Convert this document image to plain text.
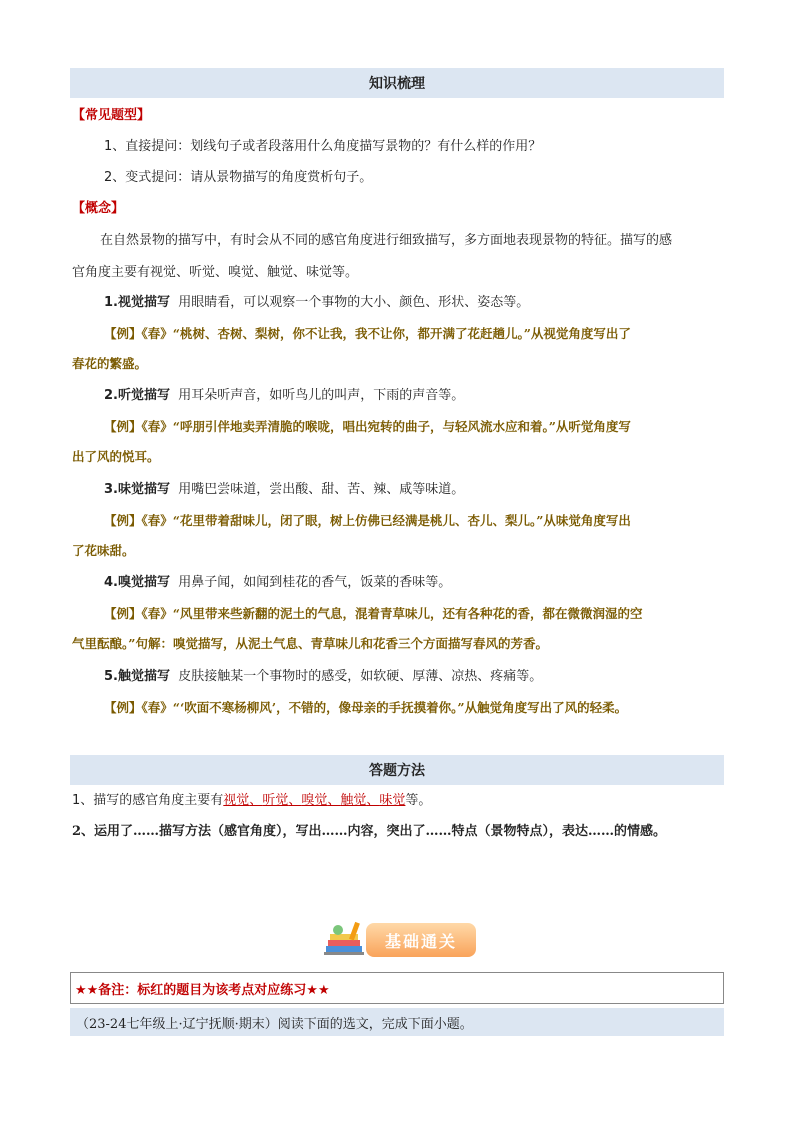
知识梳理
【常见题型】
1、直接提问：划线句子或者段落用什么角度描写景物的？有什么样的作用？
2、变式提问：请从景物描写的角度赏析句子。
【概念】
在自然景物的描写中，有时会从不同的感官角度进行细致描写，多方面地表现景物的特征。描写的感
官角度主要有视觉、听觉、嗅觉、触觉、味觉等。
1.视觉描写 用眼睛看，可以观察一个事物的大小、颜色、形状、姿态等。
【例】《春》“桃树、杏树、梨树，你不让我，我不让你，都开满了花赶趟儿。”从视觉角度写出了
春花的繁盛。
2.听觉描写 用耳朵听声音，如听鸟儿的叫声，下雨的声音等。
【例】《春》“呼朋引伴地卖弄清脆的喉咙，唱出宛转的曲子，与轻风流水应和着。”从听觉角度写
出了风的悦耳。
3.味觉描写 用嘴巴尝味道，尝出酸、甜、苦、辣、咸等味道。
【例】《春》“花里带着甜味儿，闭了眼，树上仿佛已经满是桃儿、杏儿、梨儿。”从味觉角度写出
了花味甜。
4.嗅觉描写 用鼻子闻，如闻到桂花的香气，饭菜的香味等。
【例】《春》“风里带来些新翻的泥土的气息，混着青草味儿，还有各种花的香，都在微微润湿的空
气里酝酿。”句解：嗅觉描写，从泥土气息、青草味儿和花香三个方面描写春风的芳香。
5.触觉描写 皮肤接触某一个事物时的感受，如软硬、厚薄、凉热、疼痛等。
【例】《春》“‘吹面不寒杨柳风’，不错的，像母亲的手抚摸着你。”从触觉角度写出了风的轻柔。
答题方法
1、描写的感官角度主要有视觉、听觉、嗅觉、触觉、味觉等。
2、运用了……描写方法（感官角度），写出……内容，突出了……特点（景物特点），表达……的情感。
基础通关
★★备注：标红的题目为该考点对应练习★★
（23-24七年级上·辽宁抚顺·期末）阅读下面的选文，完成下面小题。
